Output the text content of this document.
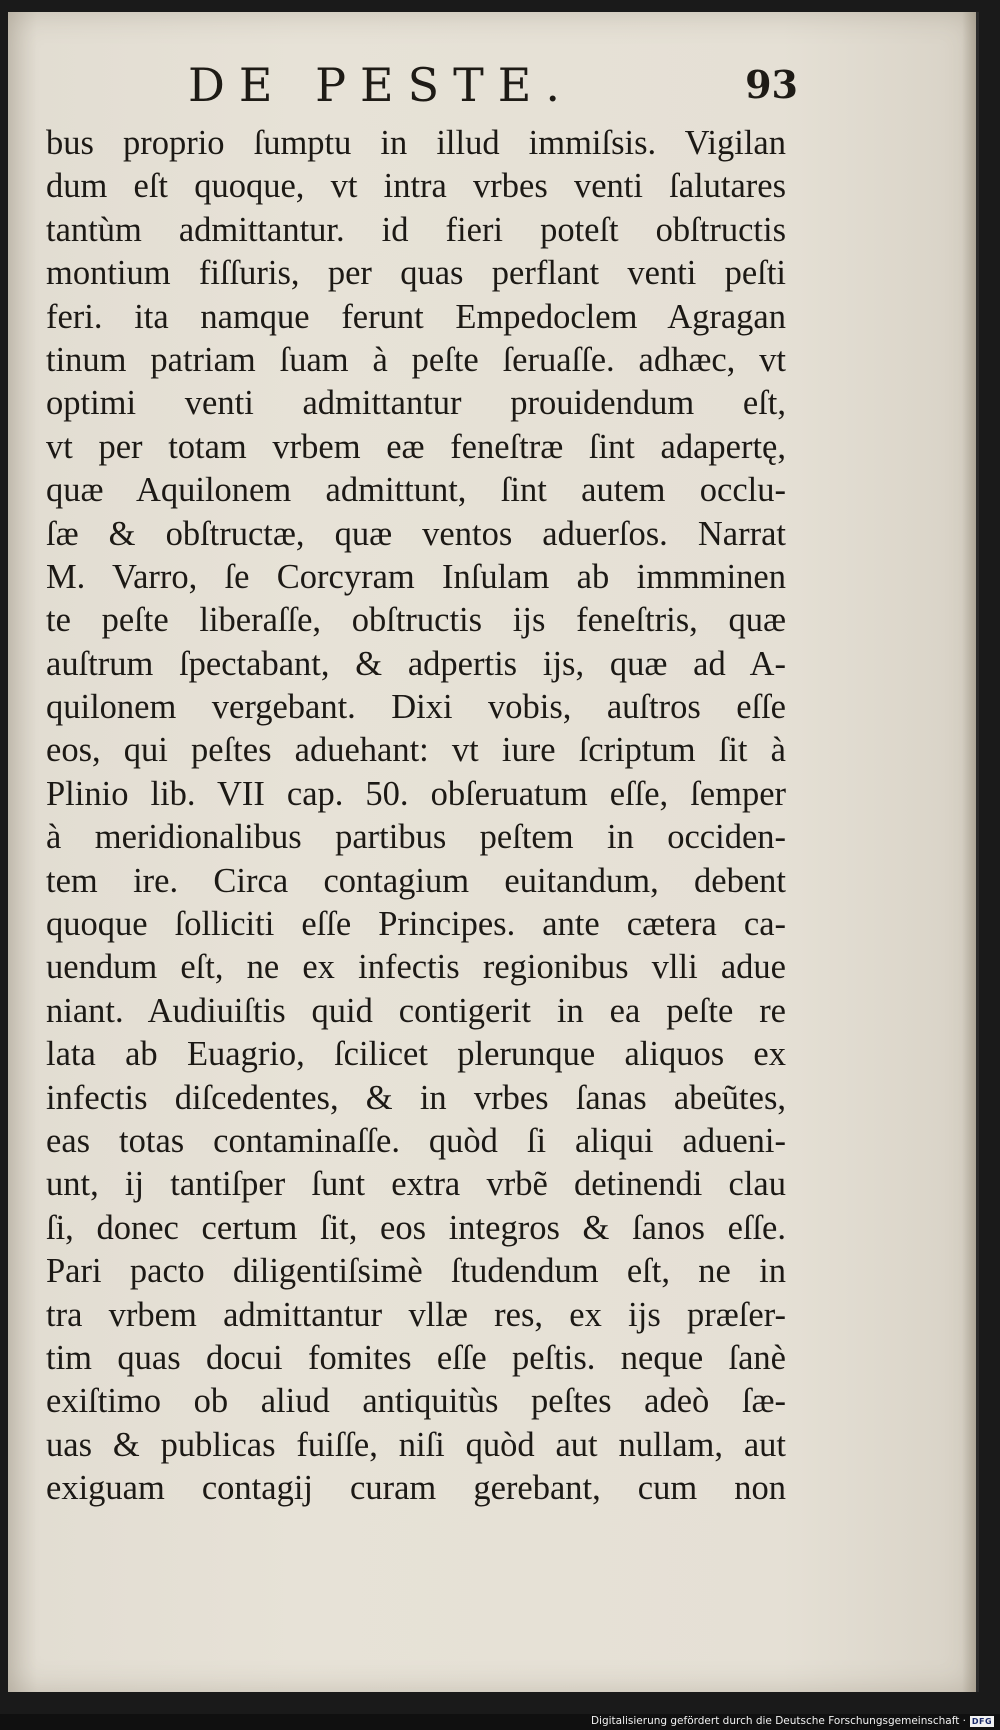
DE PESTE.	93
bus proprio ſumptu in illud immiſsis. Vigilan
dum eſt quoque, vt intra vrbes venti ſalutares
tantùm admittantur. id fieri poteſt obſtructis
montium fiſſuris, per quas perflant venti peſti
feri. ita namque ferunt Empedoclem Agragan
tinum patriam ſuam à peſte ſeruaſſe. adhæc, vt
optimi venti admittantur prouidendum eſt,
vt per totam vrbem eæ feneſtræ ſint adapertę,
quæ Aquilonem admittunt, ſint autem occlu-
ſæ & obſtructæ, quæ ventos aduerſos. Narrat
M. Varro, ſe Corcyram Inſulam ab immminen
te peſte liberaſſe, obſtructis ijs feneſtris, quæ
auſtrum ſpectabant, & adpertis ijs, quæ ad A-
quilonem vergebant. Dixi vobis, auſtros eſſe
eos, qui peſtes aduehant: vt iure ſcriptum ſit à
Plinio lib. VII cap. 50. obſeruatum eſſe, ſemper
à meridionalibus partibus peſtem in occiden-
tem ire. Circa contagium euitandum, debent
quoque ſolliciti eſſe Principes. ante cætera ca-
uendum eſt, ne ex infectis regionibus vlli adue
niant. Audiuiſtis quid contigerit in ea peſte re
lata ab Euagrio, ſcilicet plerunque aliquos ex
infectis diſcedentes, & in vrbes ſanas abeũtes,
eas totas contaminaſſe. quòd ſi aliqui adueni-
unt, ij tantiſper ſunt extra vrbẽ detinendi clau
ſi, donec certum ſit, eos integros & ſanos eſſe.
Pari pacto diligentiſsimè ſtudendum eſt, ne in
tra vrbem admittantur vllæ res, ex ijs præſer-
tim quas docui fomites eſſe peſtis. neque ſanè
exiſtimo ob aliud antiquitùs peſtes adeò ſæ-
uas & publicas fuiſſe, niſi quòd aut nullam, aut
exiguam contagij curam gerebant, cum non
Digitalisierung gefördert durch die Deutsche Forschungsgemeinschaft · DFG
